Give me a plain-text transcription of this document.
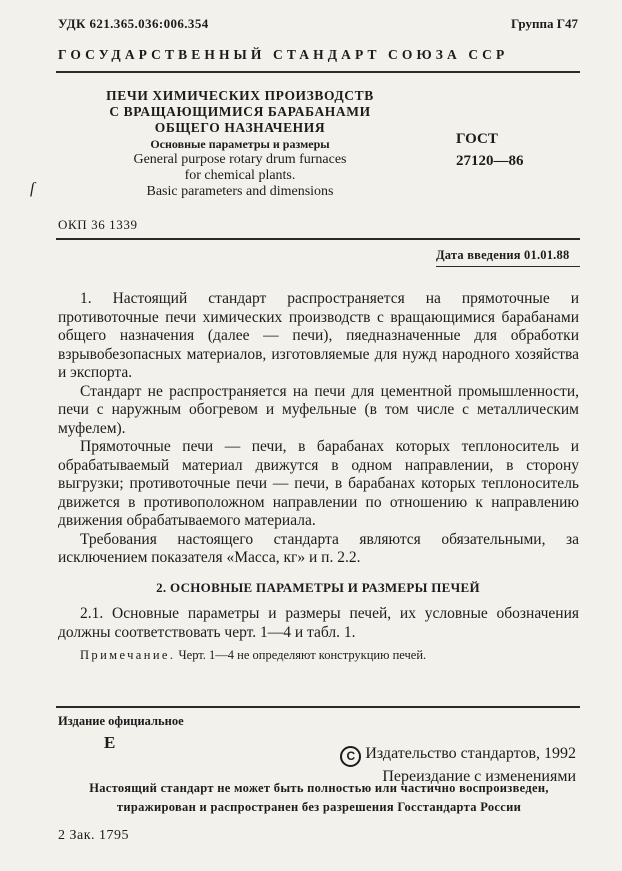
УДК 621.365.036:006.354	Группа Г47
ГОСУДАРСТВЕННЫЙ СТАНДАРТ СОЮЗА ССР
ПЕЧИ ХИМИЧЕСКИХ ПРОИЗВОДСТВ
С ВРАЩАЮЩИМИСЯ БАРАБАНАМИ
ОБЩЕГО НАЗНАЧЕНИЯ
Основные параметры и размеры
General purpose rotary drum furnaces
for chemical plants.
Basic parameters and dimensions
ГОСТ
27120—86
ſ
ОКП 36 1339
Дата введения 01.01.88

1. Настоящий стандарт распространяется на прямоточные и противоточные печи химических производств с вращающимися барабанами общего назначения (далее — печи), пяедназначенные для обработки взрывобезопасных материалов, изготовляемые для нужд народного хозяйства и экспорта.

Стандарт не распространяется на печи для цементной промышленности, печи с наружным обогревом и муфельные (в том числе с металлическим муфелем).

Прямоточные печи — печи, в барабанах которых теплоноситель и обрабатываемый материал движутся в одном направлении, в сторону выгрузки; противоточные печи — печи, в барабанах которых теплоноситель движется в противоположном направлении по отношению к направлению движения обрабатываемого материала.

Требования настоящего стандарта являются обязательными, за исключением показателя «Масса, кг» и п. 2.2.

2. ОСНОВНЫЕ ПАРАМЕТРЫ И РАЗМЕРЫ ПЕЧЕЙ

2.1. Основные параметры и размеры печей, их условные обозначения должны соответствовать черт. 1—4 и табл. 1.

Примечание. Черт. 1—4 не определяют конструкцию печей.
Издание официальное
E
C Издательство стандартов, 1992
Переиздание с изменениями
Настоящий стандарт не может быть полностью или частично воспроизведен,
тиражирован и распространен без разрешения Госстандарта России
2 Зак. 1795
